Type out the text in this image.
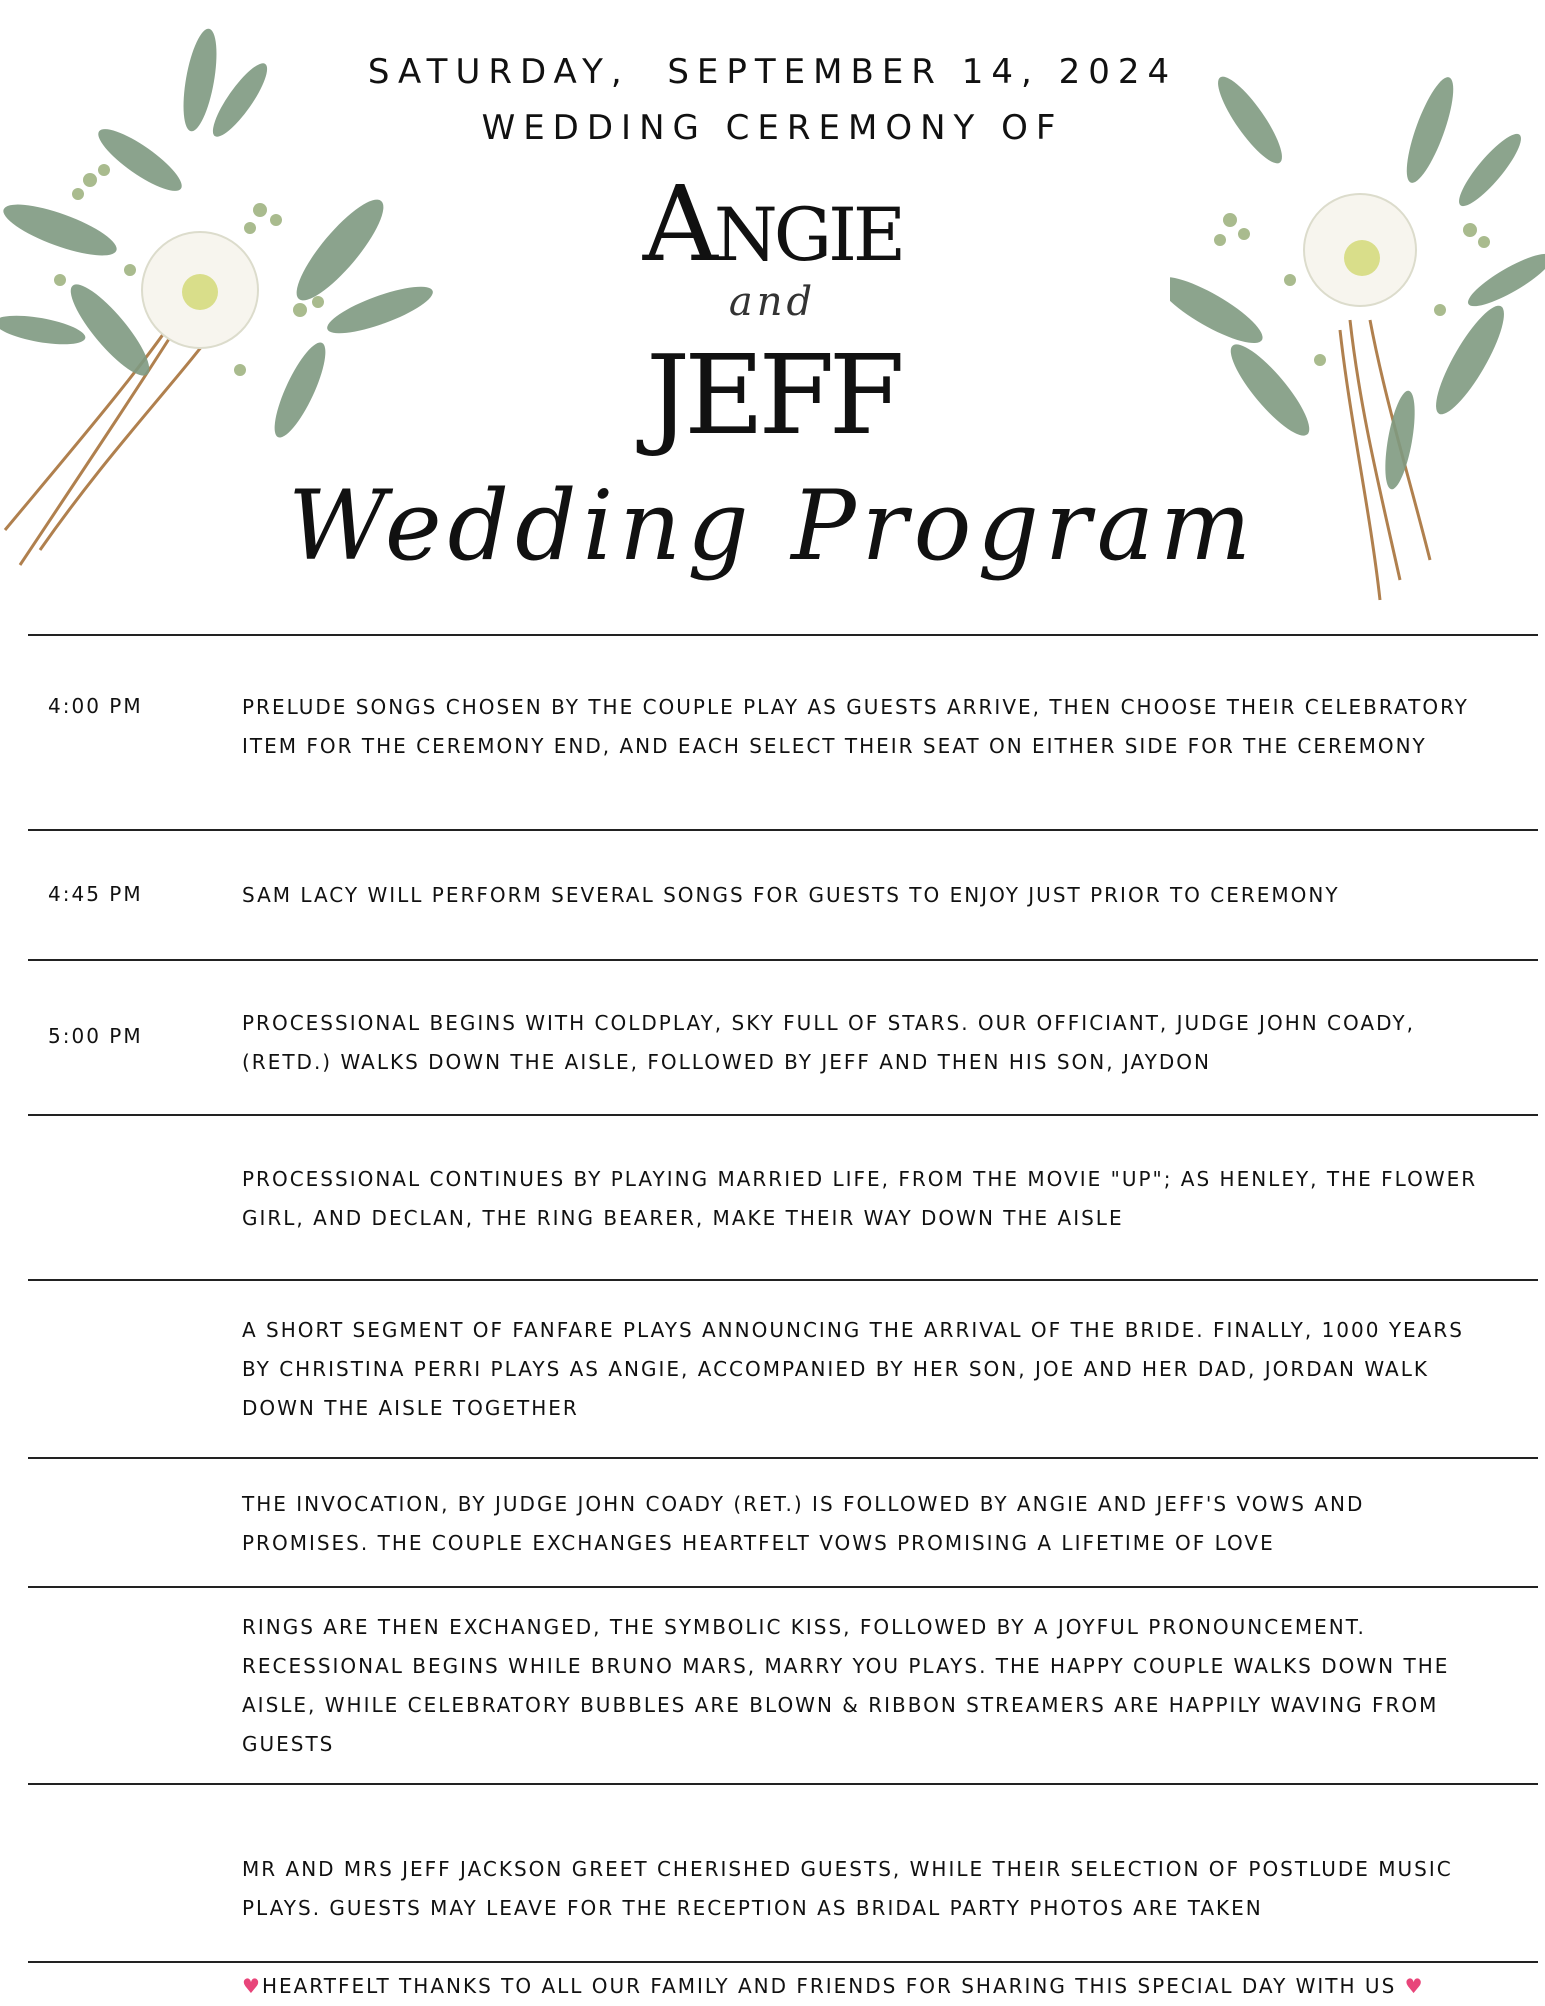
SATURDAY,  SEPTEMBER 14, 2024
WEDDING CEREMONY OF
Angie
and
JEFF
Wedding Program
4:00 PM	PRELUDE SONGS CHOSEN BY THE COUPLE PLAY AS GUESTS ARRIVE, THEN CHOOSE THEIR CELEBRATORY
ITEM FOR THE CEREMONY END, AND EACH SELECT THEIR SEAT ON EITHER SIDE FOR THE CEREMONY
4:45 PM	SAM LACY WILL PERFORM SEVERAL SONGS FOR GUESTS TO ENJOY JUST PRIOR TO CEREMONY
5:00 PM
PROCESSIONAL BEGINS WITH COLDPLAY, SKY FULL OF STARS. OUR OFFICIANT, JUDGE JOHN COADY,
(RETD.) WALKS DOWN THE AISLE, FOLLOWED BY JEFF AND THEN HIS SON, JAYDON
PROCESSIONAL CONTINUES BY PLAYING MARRIED LIFE, FROM THE MOVIE "UP"; AS HENLEY, THE FLOWER
GIRL, AND DECLAN, THE RING BEARER, MAKE THEIR WAY DOWN THE AISLE
A SHORT SEGMENT OF FANFARE PLAYS ANNOUNCING THE ARRIVAL OF THE BRIDE. FINALLY, 1000 YEARS
BY CHRISTINA PERRI PLAYS AS ANGIE, ACCOMPANIED BY HER SON, JOE AND HER DAD, JORDAN WALK
DOWN THE AISLE TOGETHER
THE INVOCATION, BY JUDGE JOHN COADY (RET.) IS FOLLOWED BY ANGIE AND JEFF'S VOWS AND
PROMISES. THE COUPLE EXCHANGES HEARTFELT VOWS PROMISING A LIFETIME OF LOVE
RINGS ARE THEN EXCHANGED, THE SYMBOLIC KISS, FOLLOWED BY A JOYFUL PRONOUNCEMENT.
RECESSIONAL BEGINS WHILE BRUNO MARS, MARRY YOU PLAYS. THE HAPPY COUPLE WALKS DOWN THE
AISLE, WHILE CELEBRATORY BUBBLES ARE BLOWN & RIBBON STREAMERS ARE HAPPILY WAVING FROM
GUESTS

MR AND MRS JEFF JACKSON GREET CHERISHED GUESTS, WHILE THEIR SELECTION OF POSTLUDE MUSIC
PLAYS. GUESTS MAY LEAVE FOR THE RECEPTION AS BRIDAL PARTY PHOTOS ARE TAKEN

♥HEARTFELT THANKS TO ALL OUR FAMILY AND FRIENDS FOR SHARING THIS SPECIAL DAY WITH US ♥
